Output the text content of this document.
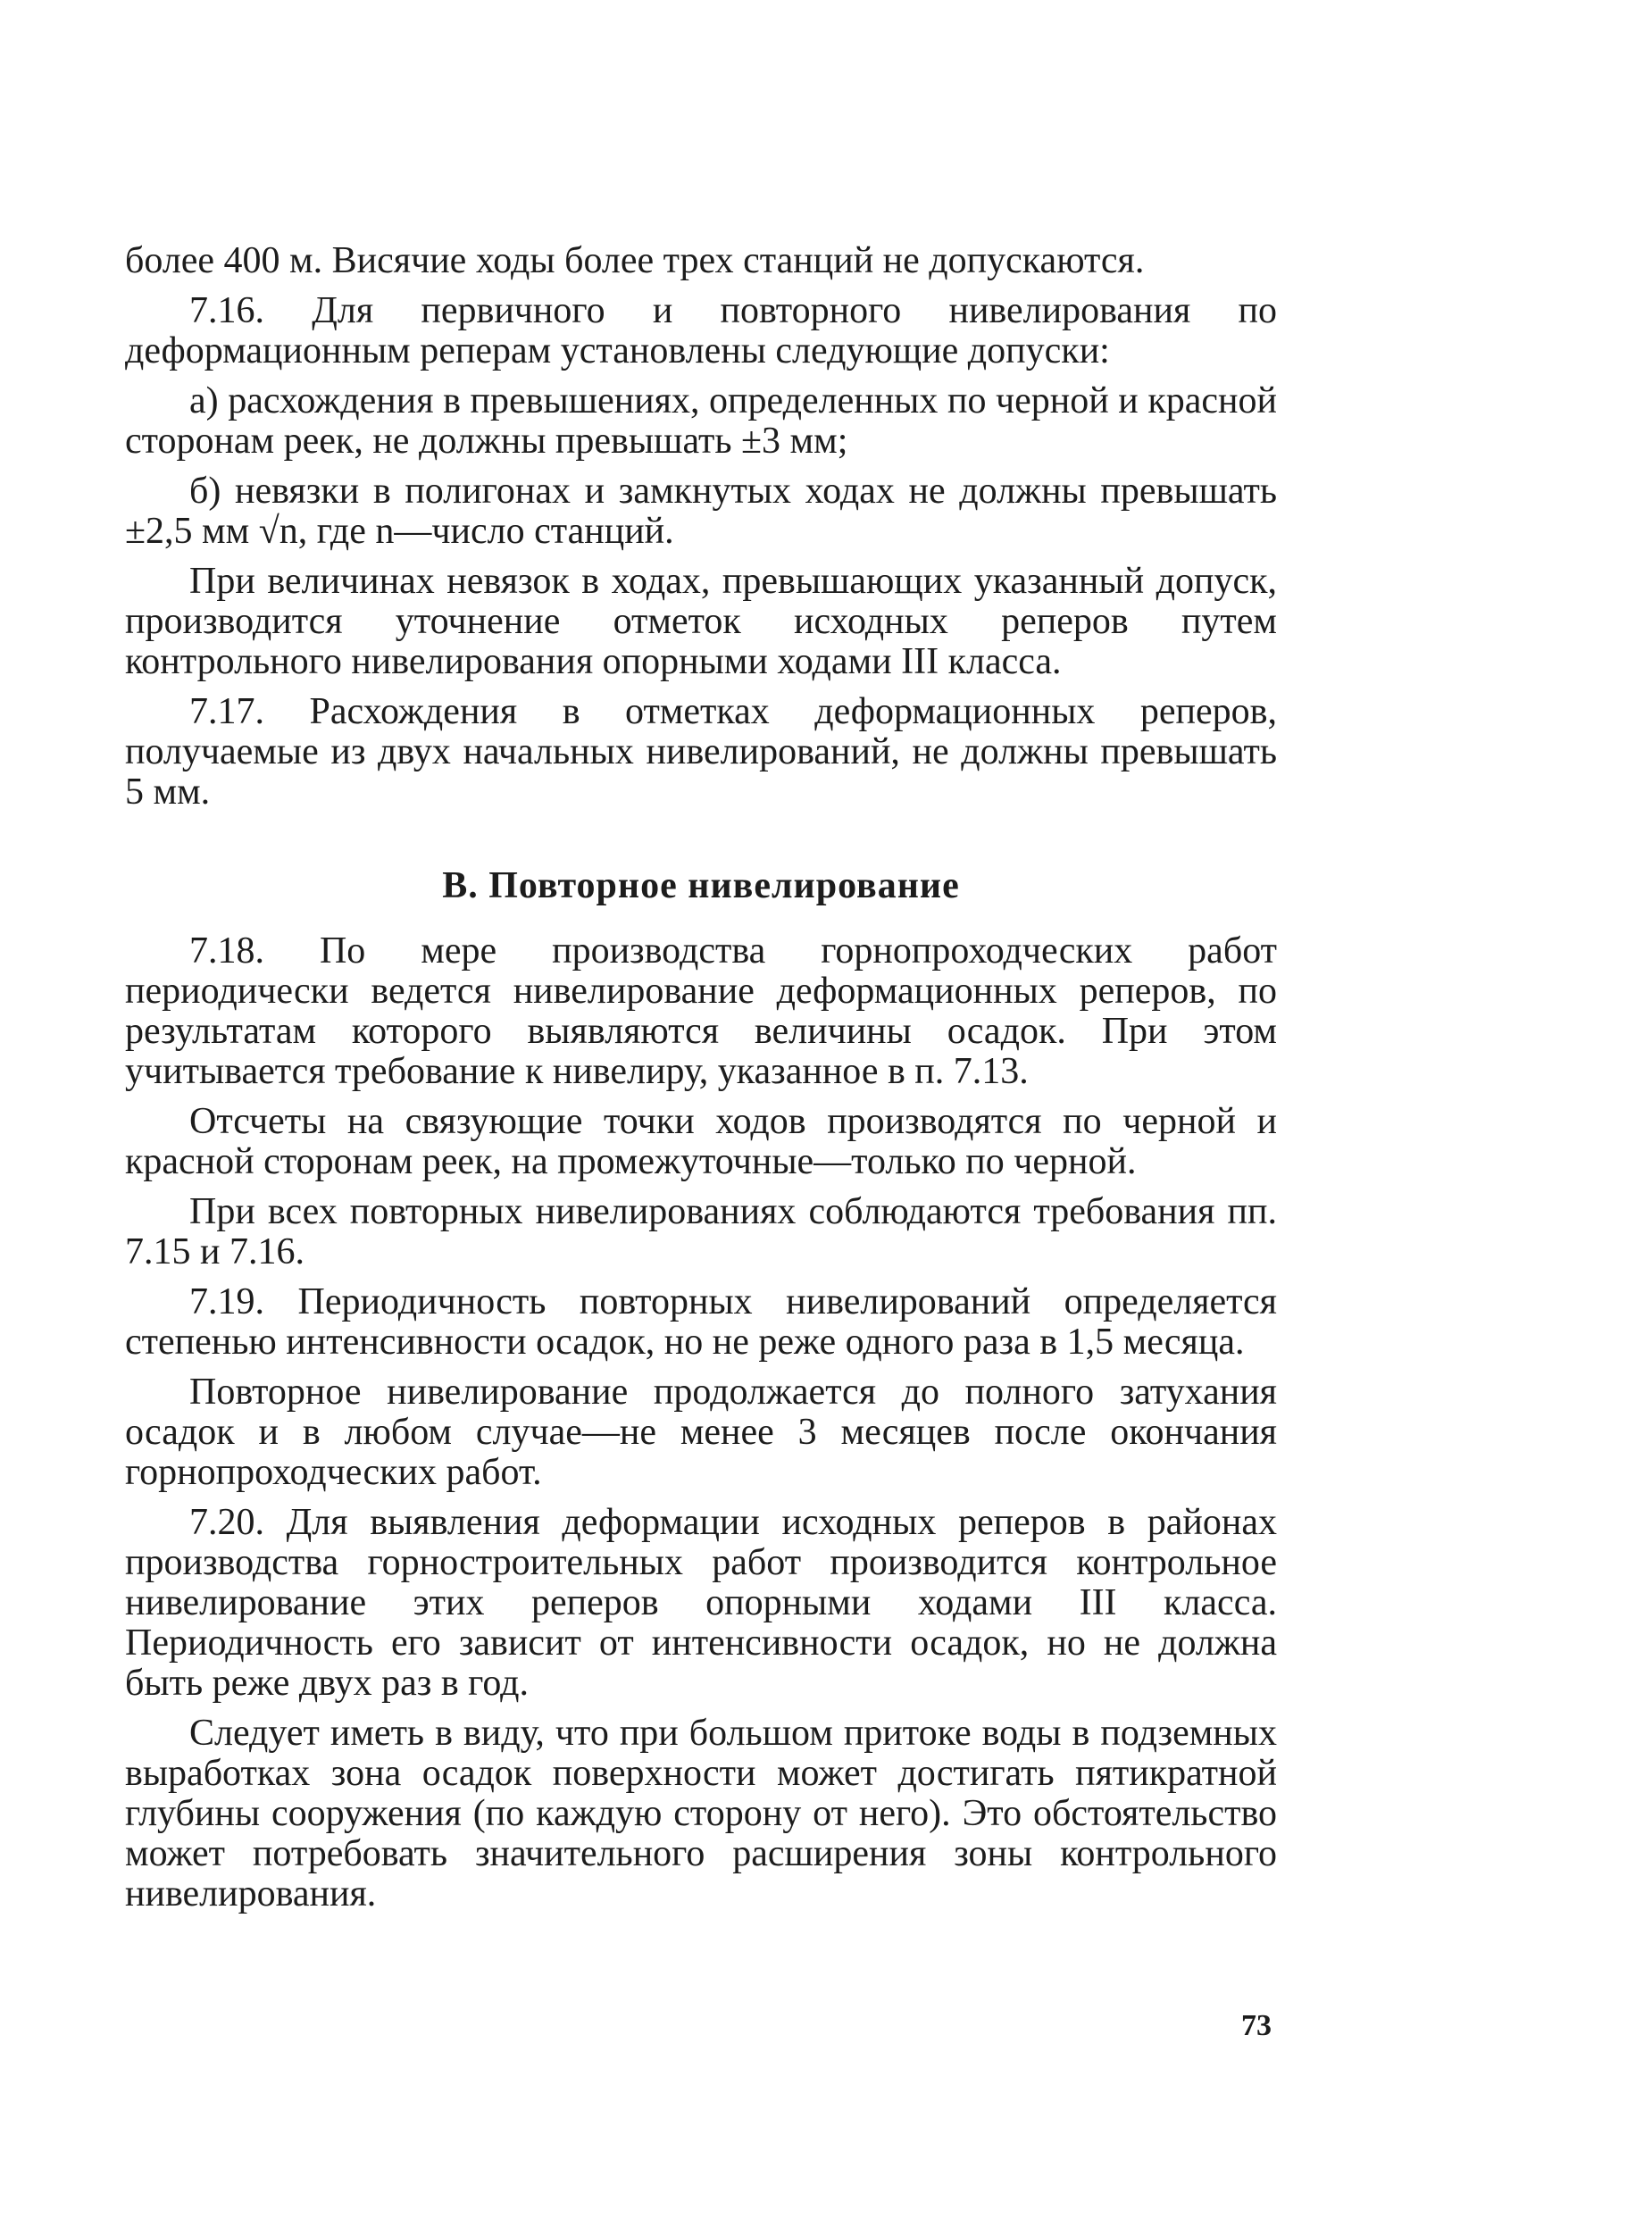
более 400 м. Висячие ходы более трех станций не допускаются.

7.16. Для первичного и повторного нивелирования по деформационным реперам установлены следующие допуски:

а) расхождения в превышениях, определенных по черной и красной сторонам реек, не должны превышать ±3 мм;

б) невязки в полигонах и замкнутых ходах не должны превышать ±2,5 мм √n, где n—число станций.

При величинах невязок в ходах, превышающих указанный допуск, производится уточнение отметок исходных реперов путем контрольного нивелирования опорными ходами III класса.

7.17. Расхождения в отметках деформационных реперов, получаемые из двух начальных нивелирований, не должны превышать 5 мм.

В. Повторное нивелирование

7.18. По мере производства горнопроходческих работ периодически ведется нивелирование деформационных реперов, по результатам которого выявляются величины осадок. При этом учитывается требование к нивелиру, указанное в п. 7.13.

Отсчеты на связующие точки ходов производятся по черной и красной сторонам реек, на промежуточные—только по черной.

При всех повторных нивелированиях соблюдаются требования пп. 7.15 и 7.16.

7.19. Периодичность повторных нивелирований определяется степенью интенсивности осадок, но не реже одного раза в 1,5 месяца.

Повторное нивелирование продолжается до полного затухания осадок и в любом случае—не менее 3 месяцев после окончания горнопроходческих работ.

7.20. Для выявления деформации исходных реперов в районах производства горностроительных работ производится контрольное нивелирование этих реперов опорными ходами III класса. Периодичность его зависит от интенсивности осадок, но не должна быть реже двух раз в год.

Следует иметь в виду, что при большом притоке воды в подземных выработках зона осадок поверхности может достигать пятикратной глубины сооружения (по каждую сторону от него). Это обстоятельство может потребовать значительного расширения зоны контрольного нивелирования.

73
